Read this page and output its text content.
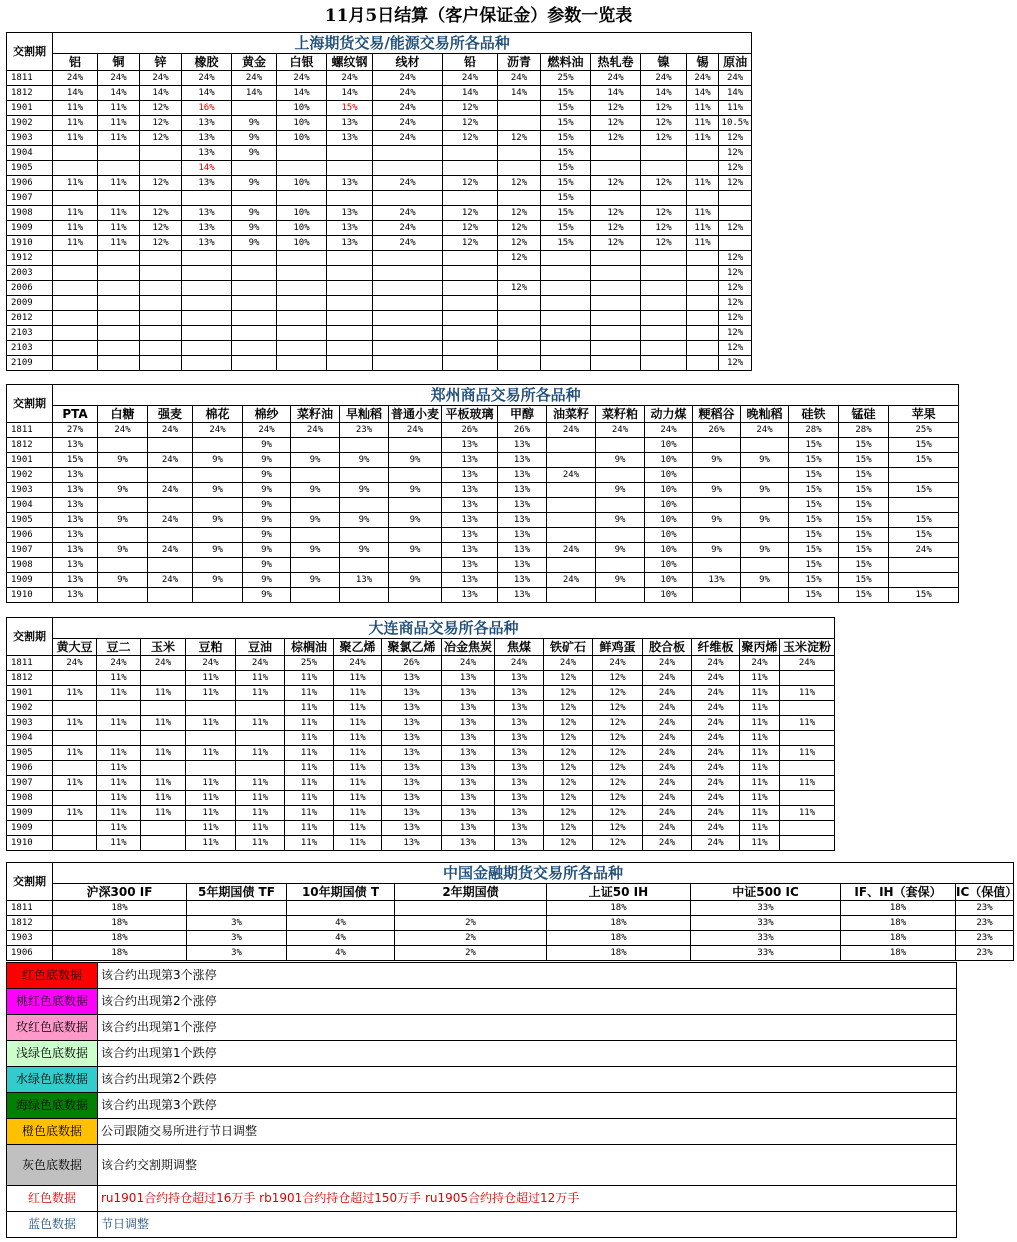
11月5日结算（客户保证金）参数一览表
交割期	上海期货交易/能源交易所各品种														
	铝	铜	锌	橡胶	黄金	白银	螺纹钢	线材	铅	沥青	燃料油	热轧卷	镍	锡	原油
1811	24%	24%	24%	24%	24%	24%	24%	24%	24%	24%	25%	24%	24%	24%	24%
1812	14%	14%	14%	14%	14%	14%	14%	24%	14%	14%	15%	14%	14%	14%	14%
1901	11%	11%	12%	16%		10%	15%	24%	12%		15%	12%	12%	11%	11%
1902	11%	11%	12%	13%	9%	10%	13%	24%	12%		15%	12%	12%	11%	10.5%
1903	11%	11%	12%	13%	9%	10%	13%	24%	12%	12%	15%	12%	12%	11%	12%
1904				13%	9%						15%				12%
1905				14%							15%				12%
1906	11%	11%	12%	13%	9%	10%	13%	24%	12%	12%	15%	12%	12%	11%	12%
1907											15%				
1908	11%	11%	12%	13%	9%	10%	13%	24%	12%	12%	15%	12%	12%	11%	
1909	11%	11%	12%	13%	9%	10%	13%	24%	12%	12%	15%	12%	12%	11%	12%
1910	11%	11%	12%	13%	9%	10%	13%	24%	12%	12%	15%	12%	12%	11%	
1912										12%					12%
2003															12%
2006										12%					12%
2009															12%
2012															12%
2103															12%
2103															12%
2109															12%
交割期	郑州商品交易所各品种																	
	PTA	白糖	强麦	棉花	棉纱	菜籽油	早籼稻	普通小麦	平板玻璃	甲醇	油菜籽	菜籽粕	动力煤	粳稻谷	晚籼稻	硅铁	锰硅	苹果
1811	27%	24%	24%	24%	24%	24%	23%	24%	26%	26%	24%	24%	24%	26%	24%	28%	28%	25%
1812	13%				9%				13%	13%			10%			15%	15%	15%
1901	15%	9%	24%	9%	9%	9%	9%	9%	13%	13%		9%	10%	9%	9%	15%	15%	15%
1902	13%				9%				13%	13%	24%		10%			15%	15%	
1903	13%	9%	24%	9%	9%	9%	9%	9%	13%	13%		9%	10%	9%	9%	15%	15%	15%
1904	13%				9%				13%	13%			10%			15%	15%	
1905	13%	9%	24%	9%	9%	9%	9%	9%	13%	13%		9%	10%	9%	9%	15%	15%	15%
1906	13%				9%				13%	13%			10%			15%	15%	15%
1907	13%	9%	24%	9%	9%	9%	9%	9%	13%	13%	24%	9%	10%	9%	9%	15%	15%	24%
1908	13%				9%				13%	13%			10%			15%	15%	
1909	13%	9%	24%	9%	9%	9%	13%	9%	13%	13%	24%	9%	10%	13%	9%	15%	15%	
1910	13%				9%				13%	13%			10%			15%	15%	15%
交割期	大连商品交易所各品种															
	黄大豆	豆二	玉米	豆粕	豆油	棕榈油	聚乙烯	聚氯乙烯	冶金焦炭	焦煤	铁矿石	鲜鸡蛋	胶合板	纤维板	聚丙烯	玉米淀粉
1811	24%	24%	24%	24%	24%	25%	24%	26%	24%	24%	24%	24%	24%	24%	24%	24%
1812		11%		11%	11%	11%	11%	13%	13%	13%	12%	12%	24%	24%	11%	
1901	11%	11%	11%	11%	11%	11%	11%	13%	13%	13%	12%	12%	24%	24%	11%	11%
1902						11%	11%	13%	13%	13%	12%	12%	24%	24%	11%	
1903	11%	11%	11%	11%	11%	11%	11%	13%	13%	13%	12%	12%	24%	24%	11%	11%
1904						11%	11%	13%	13%	13%	12%	12%	24%	24%	11%	
1905	11%	11%	11%	11%	11%	11%	11%	13%	13%	13%	12%	12%	24%	24%	11%	11%
1906		11%				11%	11%	13%	13%	13%	12%	12%	24%	24%	11%	
1907	11%	11%	11%	11%	11%	11%	11%	13%	13%	13%	12%	12%	24%	24%	11%	11%
1908		11%	11%	11%	11%	11%	11%	13%	13%	13%	12%	12%	24%	24%	11%	
1909	11%	11%	11%	11%	11%	11%	11%	13%	13%	13%	12%	12%	24%	24%	11%	11%
1909		11%		11%	11%	11%	11%	13%	13%	13%	12%	12%	24%	24%	11%	
1910		11%		11%	11%	11%	11%	13%	13%	13%	12%	12%	24%	24%	11%	
交割期	中国金融期货交易所各品种							
	沪深300 IF	5年期国债 TF	10年期国债 T	2年期国债	上证50 IH	中证500 IC	IF、IH（套保）	IC（保值）
1811	18%				18%	33%	18%	23%
1812	18%	3%	4%	2%	18%	33%	18%	23%
1903	18%	3%	4%	2%	18%	33%	18%	23%
1906	18%	3%	4%	2%	18%	33%	18%	23%
红色底数据	该合约出现第3个涨停
桃红色底数据	该合约出现第2个涨停
玫红色底数据	该合约出现第1个涨停
浅绿色底数据	该合约出现第1个跌停
水绿色底数据	该合约出现第2个跌停
海绿色底数据	该合约出现第3个跌停
橙色底数据	公司跟随交易所进行节日调整
灰色底数据	该合约交割期调整
红色数据	ru1901合约持仓超过16万手 rb1901合约持仓超过150万手 ru1905合约持仓超过12万手
蓝色数据	节日调整
